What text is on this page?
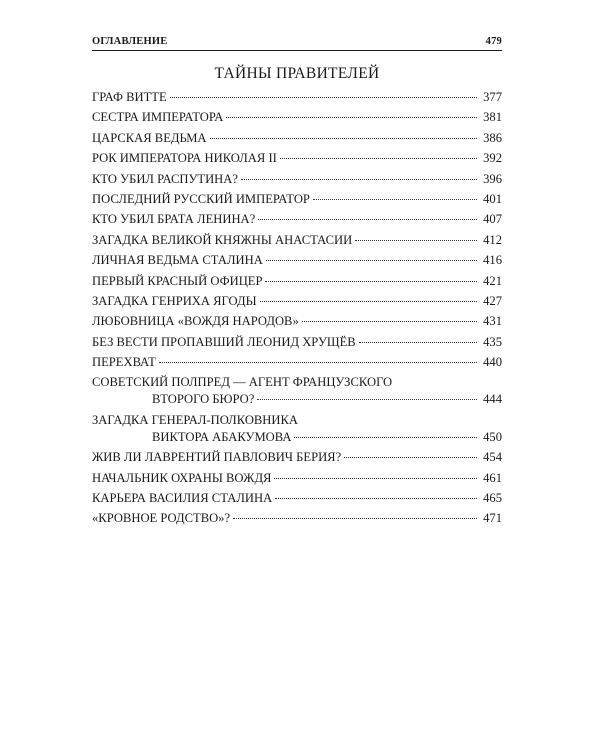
ОГЛАВЛЕНИЕ	479
ТАЙНЫ ПРАВИТЕЛЕЙ
ГРАФ ВИТТЕ	377
СЕСТРА ИМПЕРАТОРА	381
ЦАРСКАЯ ВЕДЬМА	386
РОК ИМПЕРАТОРА НИКОЛАЯ II	392
КТО УБИЛ РАСПУТИНА?	396
ПОСЛЕДНИЙ РУССКИЙ ИМПЕРАТОР	401
КТО УБИЛ БРАТА ЛЕНИНА?	407
ЗАГАДКА ВЕЛИКОЙ КНЯЖНЫ АНАСТАСИИ	412
ЛИЧНАЯ ВЕДЬМА СТАЛИНА	416
ПЕРВЫЙ КРАСНЫЙ ОФИЦЕР	421
ЗАГАДКА ГЕНРИХА ЯГОДЫ	427
ЛЮБОВНИЦА «ВОЖДЯ НАРОДОВ»	431
БЕЗ ВЕСТИ ПРОПАВШИЙ ЛЕОНИД ХРУЩЁВ	435
ПЕРЕХВАТ	440
СОВЕТСКИЙ ПОЛПРЕД — АГЕНТ ФРАНЦУЗСКОГО
ВТОРОГО БЮРО?	444
ЗАГАДКА ГЕНЕРАЛ-ПОЛКОВНИКА
ВИКТОРА АБАКУМОВА	450
ЖИВ ЛИ ЛАВРЕНТИЙ ПАВЛОВИЧ БЕРИЯ?	454
НАЧАЛЬНИК ОХРАНЫ ВОЖДЯ	461
КАРЬЕРА ВАСИЛИЯ СТАЛИНА	465
«КРОВНОЕ РОДСТВО»?	471
